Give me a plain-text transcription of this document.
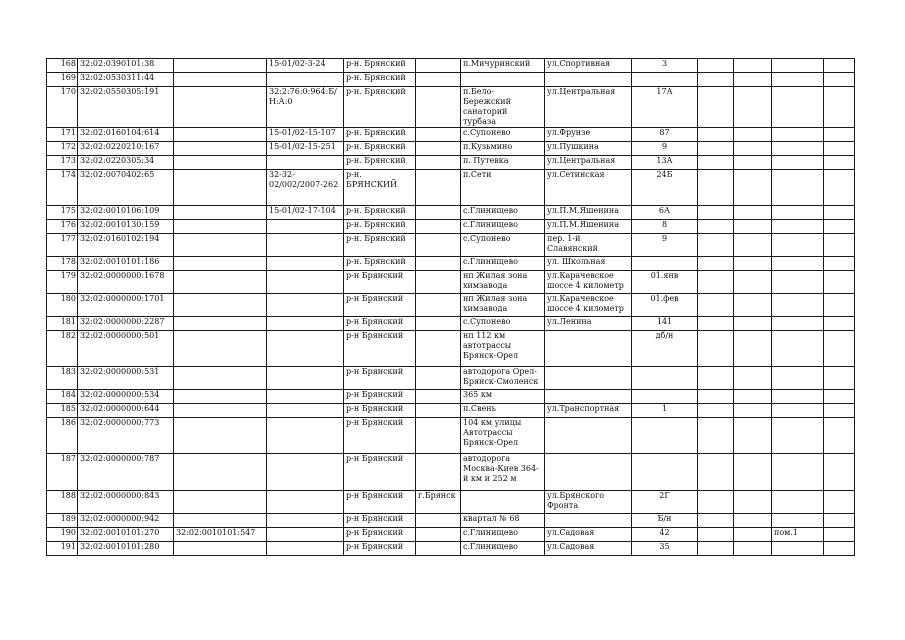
168	32:02:0390101:38		15-01/02-3-24	р-н. Брянский		п.Мичуринский	ул.Спортивная	3				
169	32:02:0530311:44			р-н. Брянский								
170	32:02:0550305:191		32:2:76:0:964:Б/Н:А:0	р-н. Брянский		п.Бело-Бережский санаторий турбаза	ул.Центральная	17А				
171	32:02:0160104:614		15-01/02-15-107	р-н. Брянский		с.Супонево	ул.Фрунзе	87				
172	32:02:0220210:167		15-01/02-15-251	р-н. Брянский		п.Кузьмино	ул.Пушкина	9				
173	32:02:0220305:34			р-н. Брянский		п. Путевка	ул.Центральная	13А				
174	32:02:0070402:65		32-32-02/002/2007-262	р-н. БРЯНСКИЙ		п.Сети	ул.Сетинская	24Б				
175	32:02:0010106:109		15-01/02-17-104	р-н. Брянский		с.Глинищево	ул.П.М.Яшенина	6А				
176	32:02:0010130:159			р-н. Брянский		с.Глинищево	ул.П.М.Яшенина	8				
177	32:02:0160102:194			р-н. Брянский		с.Супонево	пер. 1-й Славянский	9				
178	32:02:0010101:186			р-н. Брянский		с.Глинищево	ул. Школьная					
179	32:02:0000000:1678			р-н Брянский		нп Жилая зона химзавода	ул.Карачевское шоссе 4 километр	01.янв				
180	32:02:0000000:1701			р-н Брянский		нп Жилая зона химзавода	ул.Карачевское шоссе 4 километр	01.фев				
181	32:02:0000000:2287			р-н Брянский		с.Супонево	ул.Ленина	141				
182	32:02:0000000:501			р-н Брянский		нп 112 км автотрассы Брянск-Орел		дб/н				
183	32:02:0000000:531			р-н Брянский		автодорога Орел-Брянск-Смоленск						
184	32:02:0000000:534			р-н Брянский		365 км						
185	32:02:0000000:644			р-н Брянский		п.Свень	ул.Транспортная	1				
186	32:02:0000000:773			р-н Брянский		104 км улицы Автотрассы Брянск-Орел						
187	32:02:0000000:787			р-н Брянский		автодорога Москва-Киев 364-й км и 252 м						
188	32:02:0000000:843			р-н Брянский	г.Брянск		ул.Брянского Фронта	2Г				
189	32:02:0000000:942			р-н Брянский		квартал № 68		Б/н				
190	32:02:0010101:270	32:02:0010101:547		р-н Брянский		с.Глинищево	ул.Садовая	42			пом.1	
191	32:02:0010101:280			р-н Брянский		с.Глинищево	ул.Садовая	35				
